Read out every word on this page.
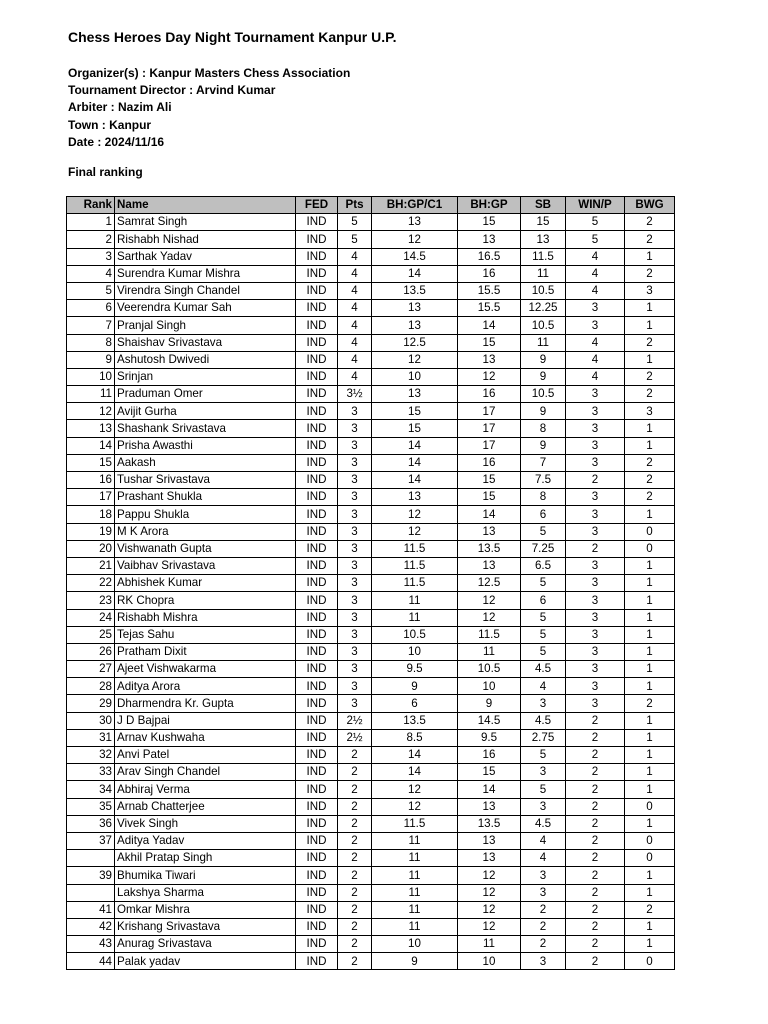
Chess Heroes Day Night Tournament Kanpur U.P.
Organizer(s) : Kanpur Masters Chess Association
Tournament Director : Arvind Kumar
Arbiter : Nazim Ali
Town : Kanpur
Date : 2024/11/16
Final ranking
Rank	Name	FED	Pts	BH:GP/C1	BH:GP	SB	WIN/P	BWG
1	Samrat Singh	IND	5	13	15	15	5	2
2	Rishabh Nishad	IND	5	12	13	13	5	2
3	Sarthak Yadav	IND	4	14.5	16.5	11.5	4	1
4	Surendra Kumar Mishra	IND	4	14	16	11	4	2
5	Virendra Singh Chandel	IND	4	13.5	15.5	10.5	4	3
6	Veerendra Kumar Sah	IND	4	13	15.5	12.25	3	1
7	Pranjal Singh	IND	4	13	14	10.5	3	1
8	Shaishav Srivastava	IND	4	12.5	15	11	4	2
9	Ashutosh Dwivedi	IND	4	12	13	9	4	1
10	Srinjan	IND	4	10	12	9	4	2
11	Praduman Omer	IND	3½	13	16	10.5	3	2
12	Avijit Gurha	IND	3	15	17	9	3	3
13	Shashank Srivastava	IND	3	15	17	8	3	1
14	Prisha Awasthi	IND	3	14	17	9	3	1
15	Aakash	IND	3	14	16	7	3	2
16	Tushar Srivastava	IND	3	14	15	7.5	2	2
17	Prashant Shukla	IND	3	13	15	8	3	2
18	Pappu Shukla	IND	3	12	14	6	3	1
19	M K Arora	IND	3	12	13	5	3	0
20	Vishwanath Gupta	IND	3	11.5	13.5	7.25	2	0
21	Vaibhav Srivastava	IND	3	11.5	13	6.5	3	1
22	Abhishek Kumar	IND	3	11.5	12.5	5	3	1
23	RK Chopra	IND	3	11	12	6	3	1
24	Rishabh Mishra	IND	3	11	12	5	3	1
25	Tejas Sahu	IND	3	10.5	11.5	5	3	1
26	Pratham Dixit	IND	3	10	11	5	3	1
27	Ajeet Vishwakarma	IND	3	9.5	10.5	4.5	3	1
28	Aditya Arora	IND	3	9	10	4	3	1
29	Dharmendra Kr. Gupta	IND	3	6	9	3	3	2
30	J D Bajpai	IND	2½	13.5	14.5	4.5	2	1
31	Arnav Kushwaha	IND	2½	8.5	9.5	2.75	2	1
32	Anvi Patel	IND	2	14	16	5	2	1
33	Arav Singh Chandel	IND	2	14	15	3	2	1
34	Abhiraj Verma	IND	2	12	14	5	2	1
35	Arnab Chatterjee	IND	2	12	13	3	2	0
36	Vivek Singh	IND	2	11.5	13.5	4.5	2	1
37	Aditya Yadav	IND	2	11	13	4	2	0
	Akhil Pratap Singh	IND	2	11	13	4	2	0
39	Bhumika Tiwari	IND	2	11	12	3	2	1
	Lakshya Sharma	IND	2	11	12	3	2	1
41	Omkar Mishra	IND	2	11	12	2	2	2
42	Krishang Srivastava	IND	2	11	12	2	2	1
43	Anurag Srivastava	IND	2	10	11	2	2	1
44	Palak yadav	IND	2	9	10	3	2	0
